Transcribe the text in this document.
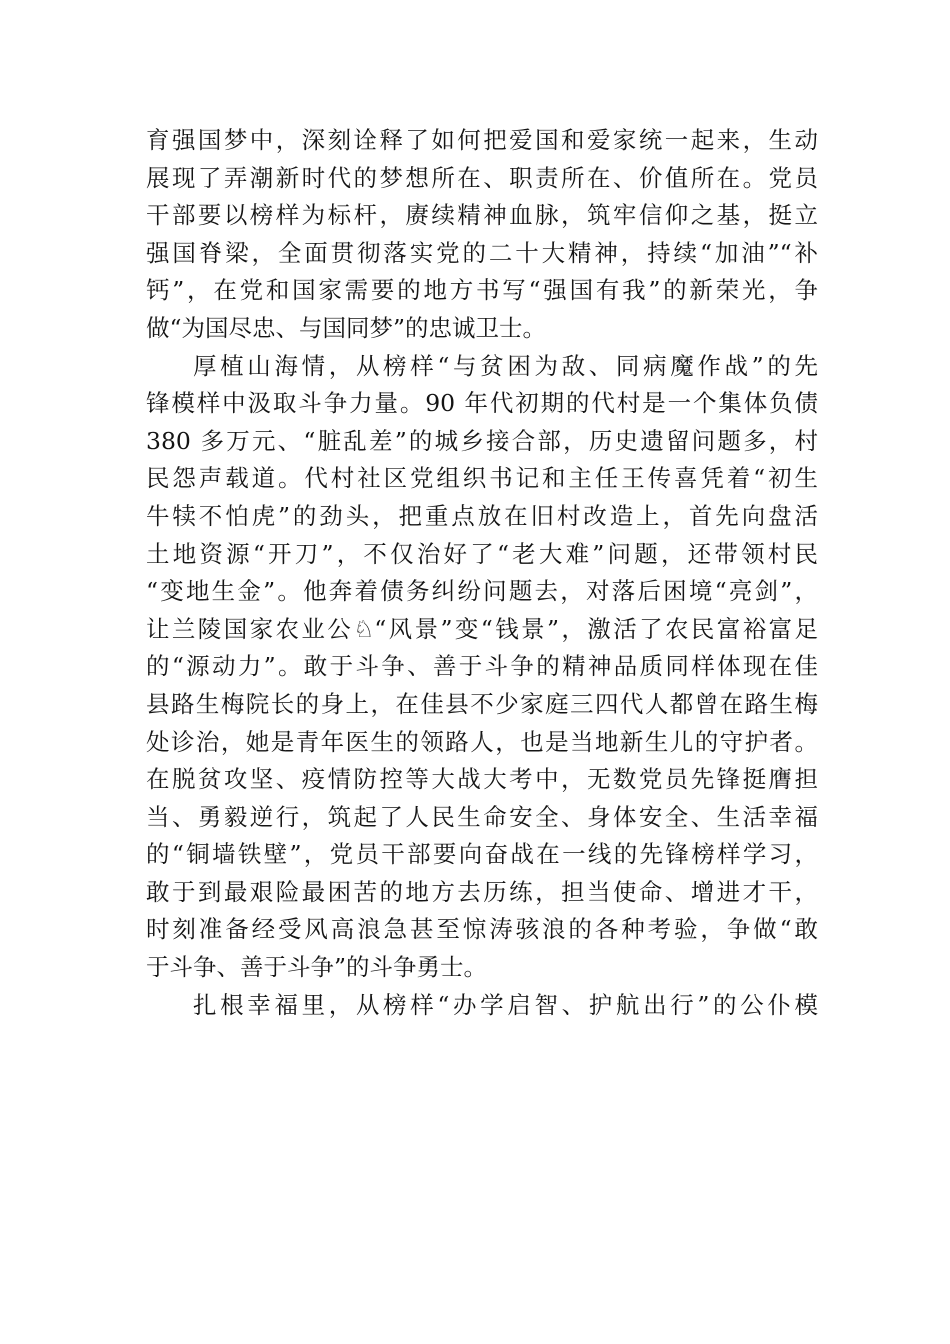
育强国梦中，深刻诠释了如何把爱国和爱家统一起来，生动
展现了弄潮新时代的梦想所在、职责所在、价值所在。党员
干部要以榜样为标杆，赓续精神血脉，筑牢信仰之基，挺立
强国脊梁，全面贯彻落实党的二十大精神，持续“加油”“补
钙”，在党和国家需要的地方书写“强国有我”的新荣光，争
做“为国尽忠、与国同梦”的忠诚卫士。
厚植山海情，从榜样“与贫困为敌、同病魔作战”的先
锋模样中汲取斗争力量。90 年代初期的代村是一个集体负债
380 多万元、“脏乱差”的城乡接合部，历史遗留问题多，村
民怨声载道。代村社区党组织书记和主任王传喜凭着“初生
牛犊不怕虎”的劲头，把重点放在旧村改造上，首先向盘活
土地资源“开刀”，不仅治好了“老大难”问题，还带领村民
“变地生金”。他奔着债务纠纷问题去，对落后困境“亮剑”，
让兰陵国家农业公♘“风景”变“钱景”，激活了农民富裕富足
的“源动力”。敢于斗争、善于斗争的精神品质同样体现在佳
县路生梅院长的身上，在佳县不少家庭三四代人都曾在路生梅
处诊治，她是青年医生的领路人，也是当地新生儿的守护者。
在脱贫攻坚、疫情防控等大战大考中，无数党员先锋挺膺担
当、勇毅逆行，筑起了人民生命安全、身体安全、生活幸福
的“铜墙铁壁”，党员干部要向奋战在一线的先锋榜样学习，
敢于到最艰险最困苦的地方去历练，担当使命、增进才干，
时刻准备经受风高浪急甚至惊涛骇浪的各种考验，争做“敢
于斗争、善于斗争”的斗争勇士。
扎根幸福里，从榜样“办学启智、护航出行”的公仆模
